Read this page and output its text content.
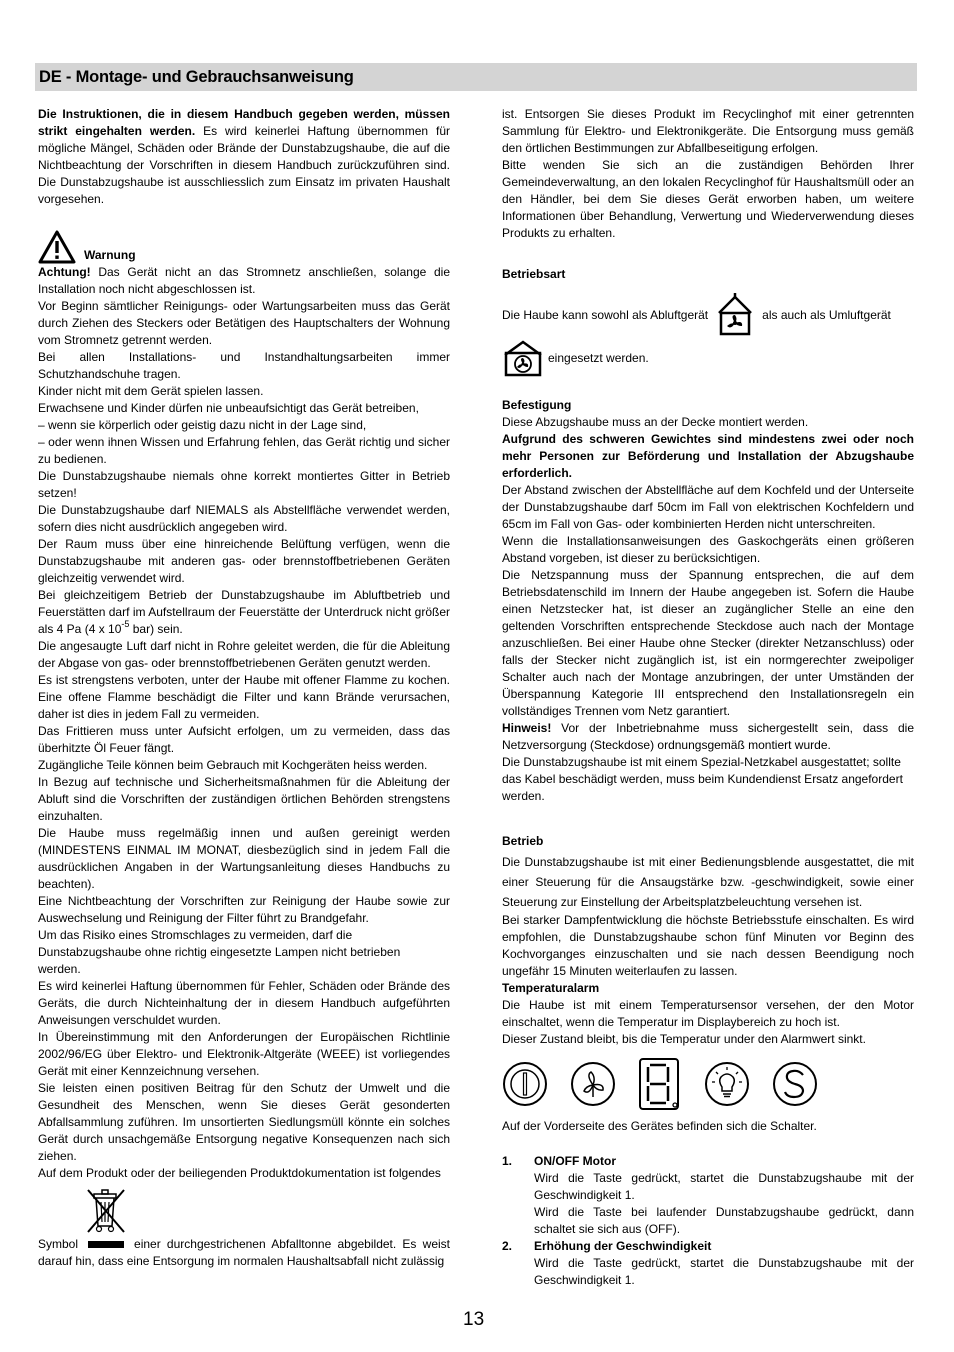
DE - Montage- und Gebrauchsanweisung

Die Instruktionen, die in diesem Handbuch gegeben werden, müssen strikt eingehalten werden. Es wird keinerlei Haftung übernommen für mögliche Mängel, Schäden oder Brände der Dunstabzugshaube, die auf die Nichtbeachtung der Vorschriften in diesem Handbuch zurückzuführen sind. Die Dunstabzugshaube ist ausschliesslich zum Einsatz im privaten Haushalt vorgesehen.

Warnung

Achtung! Das Gerät nicht an das Stromnetz anschließen, solange die Installation noch nicht abgeschlossen ist.

Vor Beginn sämtlicher Reinigungs- oder Wartungsarbeiten muss das Gerät durch Ziehen des Steckers oder Betätigen des Hauptschalters der Wohnung vom Stromnetz getrennt werden.

Bei allen Installations- und Instandhaltungsarbeiten immer Schutzhandschuhe tragen.

Kinder nicht mit dem Gerät spielen lassen.

Erwachsene und Kinder dürfen nie unbeaufsichtigt das Gerät betreiben,

– wenn sie körperlich oder geistig dazu nicht in der Lage sind,

– oder wenn ihnen Wissen und Erfahrung fehlen, das Gerät richtig und sicher zu bedienen.

Die Dunstabzugshaube niemals ohne korrekt montiertes Gitter in Betrieb setzen!

Die Dunstabzugshaube darf NIEMALS als Abstellfläche verwendet werden, sofern dies nicht ausdrücklich angegeben wird.

Der Raum muss über eine hinreichende Belüftung verfügen, wenn die Dunstabzugshaube mit anderen gas- oder brennstoffbetriebenen Geräten gleichzeitig verwendet wird.

Bei gleichzeitigem Betrieb der Dunstabzugshaube im Abluftbetrieb und Feuerstätten darf im Aufstellraum der Feuerstätte der Unterdruck nicht größer als 4 Pa (4 x $10^{-5}$ bar) sein.

Die angesaugte Luft darf nicht in Rohre geleitet werden, die für die Ableitung der Abgase von gas- oder brennstoffbetriebenen Geräten genutzt werden.

Es ist strengstens verboten, unter der Haube mit offener Flamme zu kochen. Eine offene Flamme beschädigt die Filter und kann Brände verursachen, daher ist dies in jedem Fall zu vermeiden.

Das Frittieren muss unter Aufsicht erfolgen, um zu vermeiden, dass das überhitzte Öl Feuer fängt.

Zugängliche Teile können beim Gebrauch mit Kochgeräten heiss werden.

In Bezug auf technische und Sicherheitsmaßnahmen für die Ableitung der Abluft sind die Vorschriften der zuständigen örtlichen Behörden strengstens einzuhalten.

Die Haube muss regelmäßig innen und außen gereinigt werden (MINDESTENS EINMAL IM MONAT, diesbezüglich sind in jedem Fall die ausdrücklichen Angaben in der Wartungsanleitung dieses Handbuchs zu beachten).

Eine Nichtbeachtung der Vorschriften zur Reinigung der Haube sowie zur Auswechselung und Reinigung der Filter führt zu Brandgefahr.

Um das Risiko eines Stromschlages zu vermeiden, darf die
Dunstabzugshaube ohne richtig eingesetzte Lampen nicht betrieben
werden.

Es wird keinerlei Haftung übernommen für Fehler, Schäden oder Brände des Geräts, die durch Nichteinhaltung der in diesem Handbuch aufgeführten Anweisungen verschuldet wurden.

In Übereinstimmung mit den Anforderungen der Europäischen Richtlinie 2002/96/EG über Elektro- und Elektronik-Altgeräte (WEEE) ist vorliegendes Gerät mit einer Kennzeichnung versehen.

Sie leisten einen positiven Beitrag für den Schutz der Umwelt und die Gesundheit des Menschen, wenn Sie dieses Gerät gesonderten Abfallsammlung zuführen. Im unsortierten Siedlungsmüll könnte ein solches Gerät durch unsachgemäße Entsorgung negative Konsequenzen nach sich ziehen.

Auf dem Produkt oder der beiliegenden Produktdokumentation ist folgendes

Symbol	einer durchgestrichenen Abfalltonne abgebildet. Es weist darauf hin, dass eine Entsorgung im normalen Haushaltsabfall nicht zulässig

ist. Entsorgen Sie dieses Produkt im Recyclinghof mit einer getrennten Sammlung für Elektro- und Elektronikgeräte. Die Entsorgung muss gemäß den örtlichen Bestimmungen zur Abfallbeseitigung erfolgen.

Bitte wenden Sie sich an die zuständigen Behörden Ihrer Gemeindeverwaltung, an den lokalen Recyclinghof für Haushaltsmüll oder an den Händler, bei dem Sie dieses Gerät erworben haben, um weitere Informationen über Behandlung, Verwertung und Wiederverwendung dieses Produkts zu erhalten.

Betriebsart

Die Haube kann sowohl als Abluftgerät	als auch als Umluftgerät
eingesetzt werden.

Befestigung

Diese Abzugshaube muss an der Decke montiert werden.

Aufgrund des schweren Gewichtes sind mindestens zwei oder noch mehr Personen zur Beförderung und Installation der Abzugshaube erforderlich.

Der Abstand zwischen der Abstellfläche auf dem Kochfeld und der Unterseite der Dunstabzugshaube darf 50cm im Fall von elektrischen Kochfeldern und 65cm im Fall von Gas- oder kombinierten Herden nicht unterschreiten.

Wenn die Installationsanweisungen des Gaskochgeräts einen größeren Abstand vorgeben, ist dieser zu berücksichtigen.

Die Netzspannung muss der Spannung entsprechen, die auf dem Betriebsdatenschild im Innern der Haube angegeben ist. Sofern die Haube einen Netzstecker hat, ist dieser an zugänglicher Stelle an eine den geltenden Vorschriften entsprechende Steckdose auch nach der Montage anzuschließen. Bei einer Haube ohne Stecker (direkter Netzanschluss) oder falls der Stecker nicht zugänglich ist, ist ein normgerechter zweipoliger Schalter auch nach der Montage anzubringen, der unter Umständen der Überspannung Kategorie III entsprechend den Installationsregeln ein vollständiges Trennen vom Netz garantiert.

Hinweis! Vor der Inbetriebnahme muss sichergestellt sein, dass die Netzversorgung (Steckdose) ordnungsgemäß montiert wurde.

Die Dunstabzugshaube ist mit einem Spezial-Netzkabel ausgestattet; sollte
das Kabel beschädigt werden, muss beim Kundendienst Ersatz angefordert
werden.

Betrieb

Die Dunstabzugshaube ist mit einer Bedienungsblende ausgestattet, die mit einer Steuerung für die Ansaugstärke bzw. -geschwindigkeit, sowie einer Steuerung zur Einstellung der Arbeitsplatzbeleuchtung versehen ist.

Bei starker Dampfentwicklung die höchste Betriebsstufe einschalten. Es wird empfohlen, die Dunstabzugshaube schon fünf Minuten vor Beginn des Kochvorganges einzuschalten und sie nach dessen Beendigung noch ungefähr 15 Minuten weiterlaufen zu lassen.

Temperaturalarm

Die Haube ist mit einem Temperatursensor versehen, der den Motor einschaltet, wenn die Temperatur im Displaybereich zu hoch ist.

Dieser Zustand bleibt, bis die Temperatur under den Alarmwert sinkt.

Auf der Vorderseite des Gerätes befinden sich die Schalter.

1.	ON/OFF Motor

Wird die Taste gedrückt, startet die Dunstabzugshaube mit der Geschwindigkeit 1.

Wird die Taste bei laufender Dunstabzugshaube gedrückt, dann schaltet sie sich aus (OFF).

2.	Erhöhung der Geschwindigkeit

Wird die Taste gedrückt, startet die Dunstabzugshaube mit der Geschwindigkeit 1.

13
